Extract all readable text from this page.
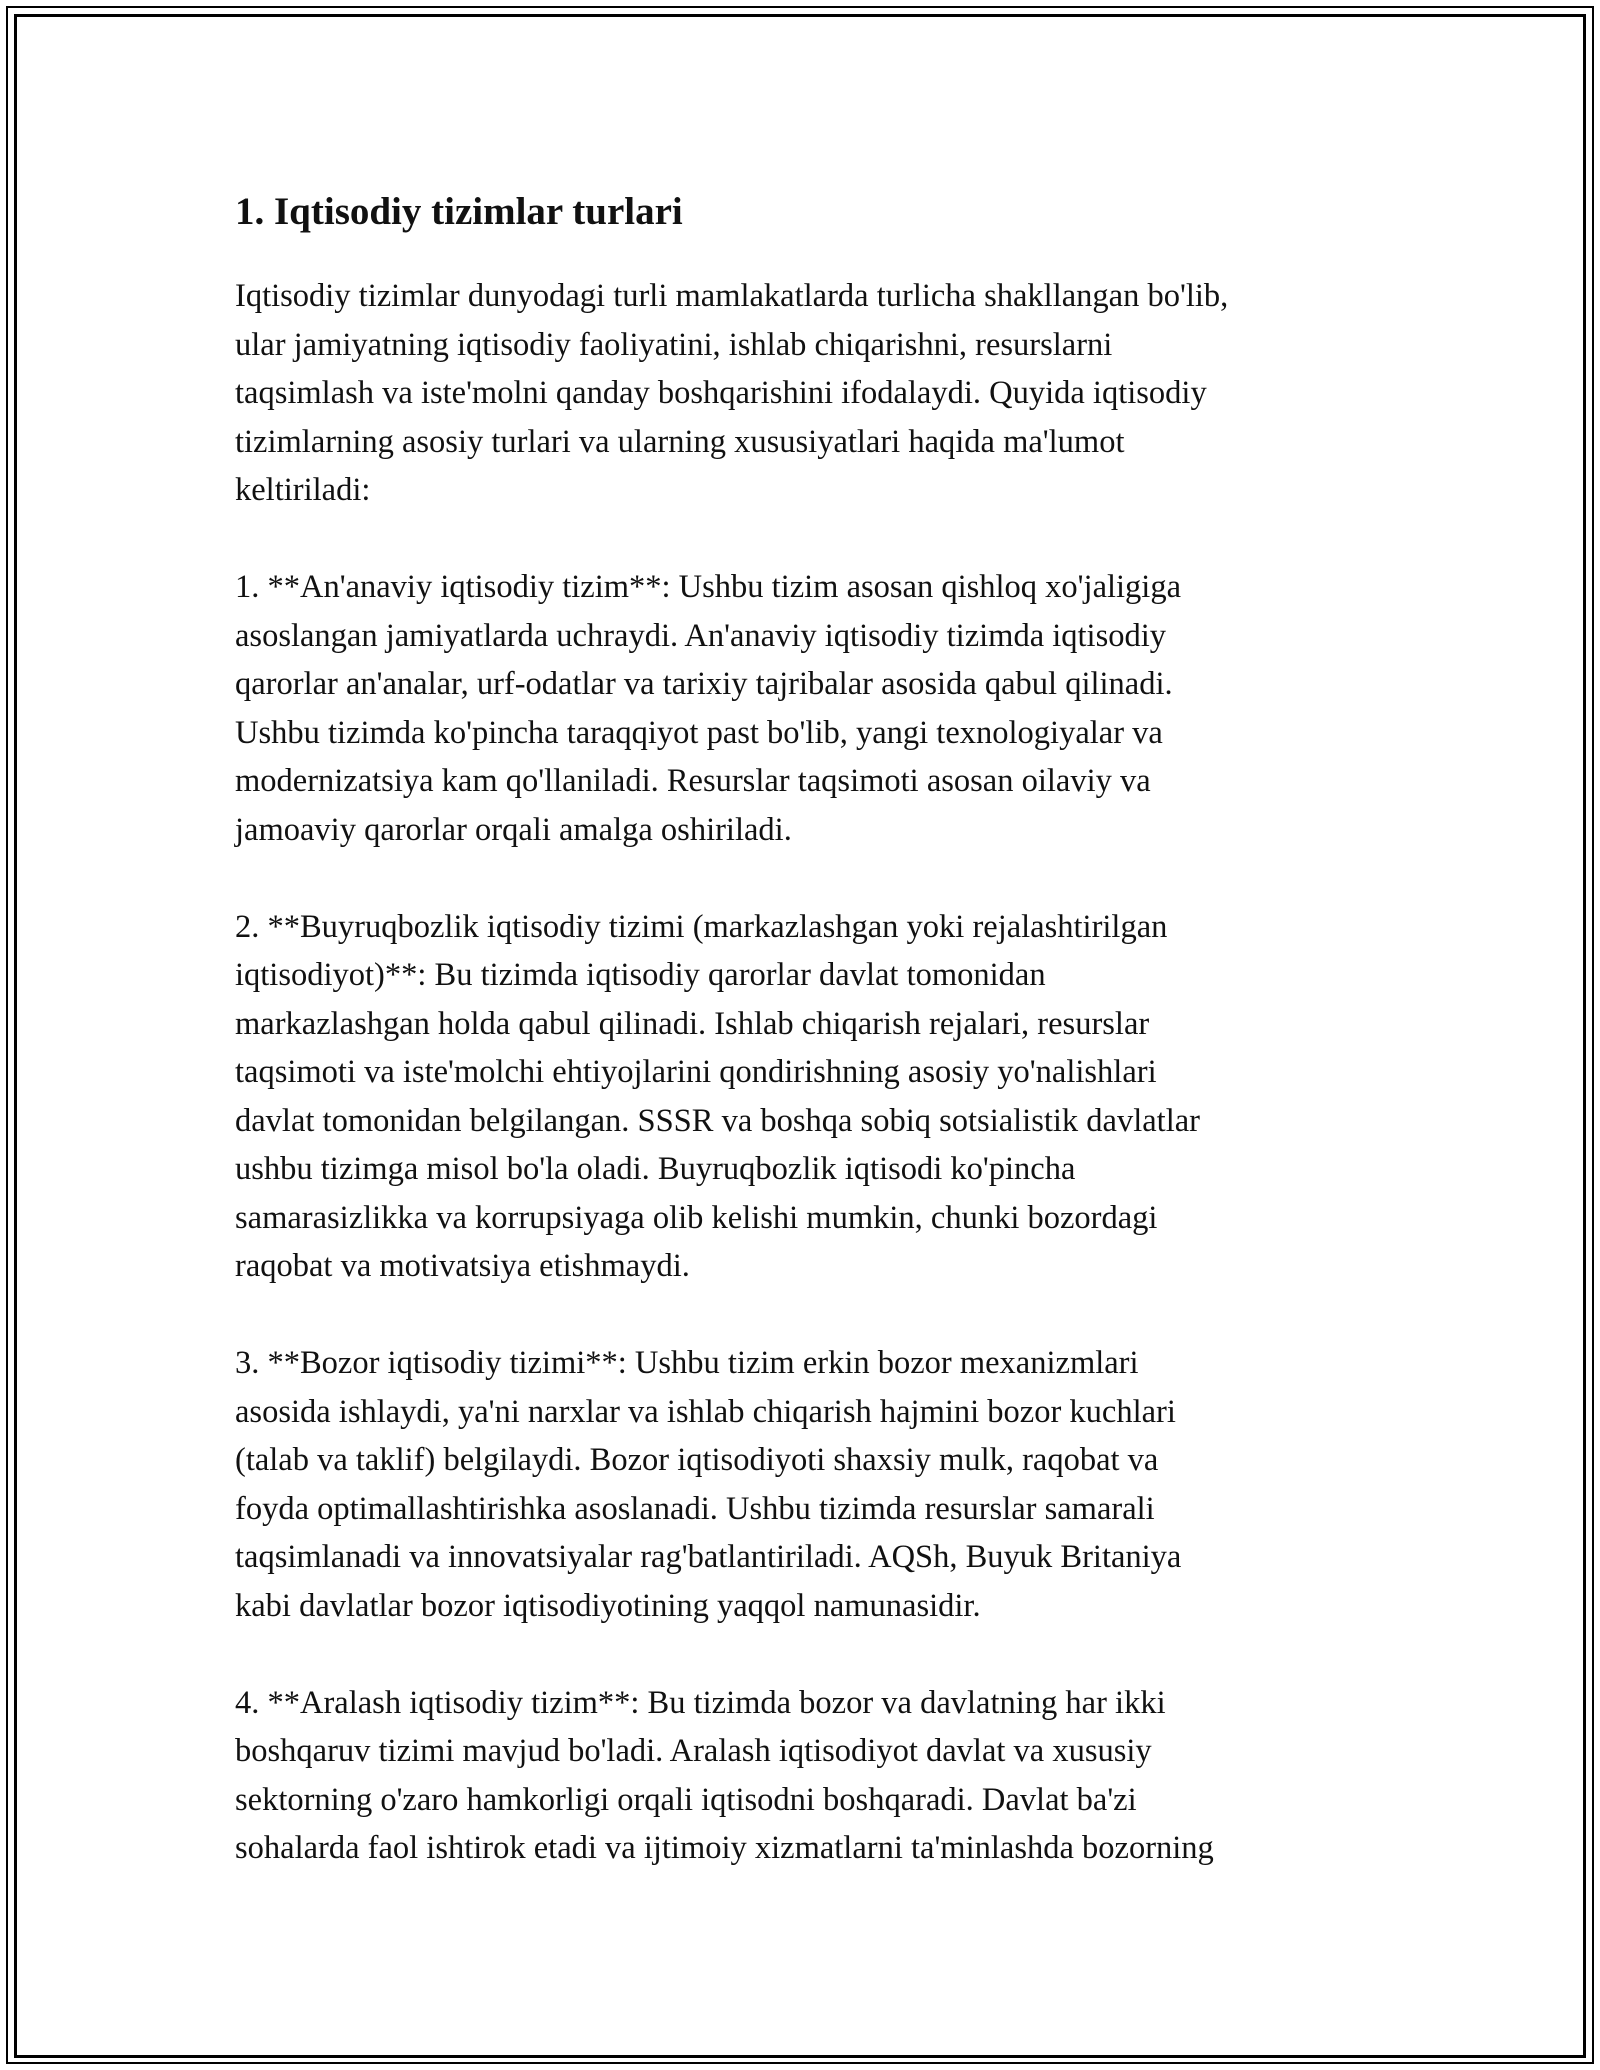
1. Iqtisodiy tizimlar turlari
Iqtisodiy tizimlar dunyodagi turli mamlakatlarda turlicha shakllangan bo'lib,
ular jamiyatning iqtisodiy faoliyatini, ishlab chiqarishni, resurslarni
taqsimlash va iste'molni qanday boshqarishini ifodalaydi. Quyida iqtisodiy
tizimlarning asosiy turlari va ularning xususiyatlari haqida ma'lumot
keltiriladi:
1. **An'anaviy iqtisodiy tizim**: Ushbu tizim asosan qishloq xo'jaligiga
asoslangan jamiyatlarda uchraydi. An'anaviy iqtisodiy tizimda iqtisodiy
qarorlar an'analar, urf-odatlar va tarixiy tajribalar asosida qabul qilinadi.
Ushbu tizimda ko'pincha taraqqiyot past bo'lib, yangi texnologiyalar va
modernizatsiya kam qo'llaniladi. Resurslar taqsimoti asosan oilaviy va
jamoaviy qarorlar orqali amalga oshiriladi.
2. **Buyruqbozlik iqtisodiy tizimi (markazlashgan yoki rejalashtirilgan
iqtisodiyot)**: Bu tizimda iqtisodiy qarorlar davlat tomonidan
markazlashgan holda qabul qilinadi. Ishlab chiqarish rejalari, resurslar
taqsimoti va iste'molchi ehtiyojlarini qondirishning asosiy yo'nalishlari
davlat tomonidan belgilangan. SSSR va boshqa sobiq sotsialistik davlatlar
ushbu tizimga misol bo'la oladi. Buyruqbozlik iqtisodi ko'pincha
samarasizlikka va korrupsiyaga olib kelishi mumkin, chunki bozordagi
raqobat va motivatsiya etishmaydi.
3. **Bozor iqtisodiy tizimi**: Ushbu tizim erkin bozor mexanizmlari
asosida ishlaydi, ya'ni narxlar va ishlab chiqarish hajmini bozor kuchlari
(talab va taklif) belgilaydi. Bozor iqtisodiyoti shaxsiy mulk, raqobat va
foyda optimallashtirishka asoslanadi. Ushbu tizimda resurslar samarali
taqsimlanadi va innovatsiyalar rag'batlantiriladi. AQSh, Buyuk Britaniya
kabi davlatlar bozor iqtisodiyotining yaqqol namunasidir.
4. **Aralash iqtisodiy tizim**: Bu tizimda bozor va davlatning har ikki
boshqaruv tizimi mavjud bo'ladi. Aralash iqtisodiyot davlat va xususiy
sektorning o'zaro hamkorligi orqali iqtisodni boshqaradi. Davlat ba'zi
sohalarda faol ishtirok etadi va ijtimoiy xizmatlarni ta'minlashda bozorning
